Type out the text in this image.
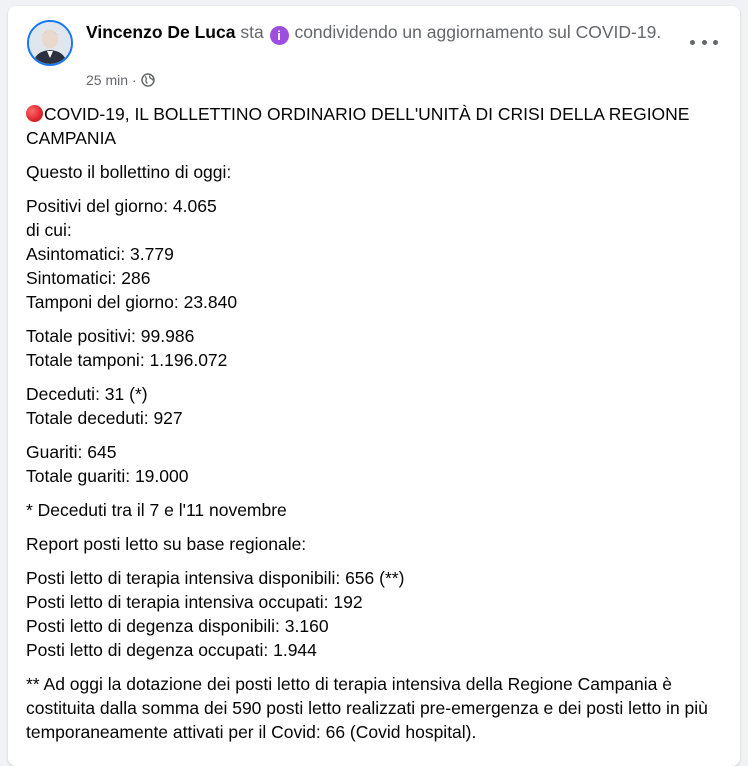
Vincenzo De Luca sta i condividendo un aggiornamento sul COVID-19.
25 min ·

COVID-19, IL BOLLETTINO ORDINARIO DELL'UNITÀ DI CRISI DELLA REGIONE CAMPANIA

Questo il bollettino di oggi:

Positivi del giorno: 4.065
di cui:
Asintomatici: 3.779
Sintomatici: 286
Tamponi del giorno: 23.840

Totale positivi: 99.986
Totale tamponi: 1.196.072

Deceduti: 31 (*)
Totale deceduti: 927

Guariti: 645
Totale guariti: 19.000

* Deceduti tra il 7 e l'11 novembre

Report posti letto su base regionale:

Posti letto di terapia intensiva disponibili: 656 (**)
Posti letto di terapia intensiva occupati: 192
Posti letto di degenza disponibili: 3.160
Posti letto di degenza occupati: 1.944

** Ad oggi la dotazione dei posti letto di terapia intensiva della Regione Campania è costituita dalla somma dei 590 posti letto realizzati pre-emergenza e dei posti letto in più temporaneamente attivati per il Covid: 66 (Covid hospital).
